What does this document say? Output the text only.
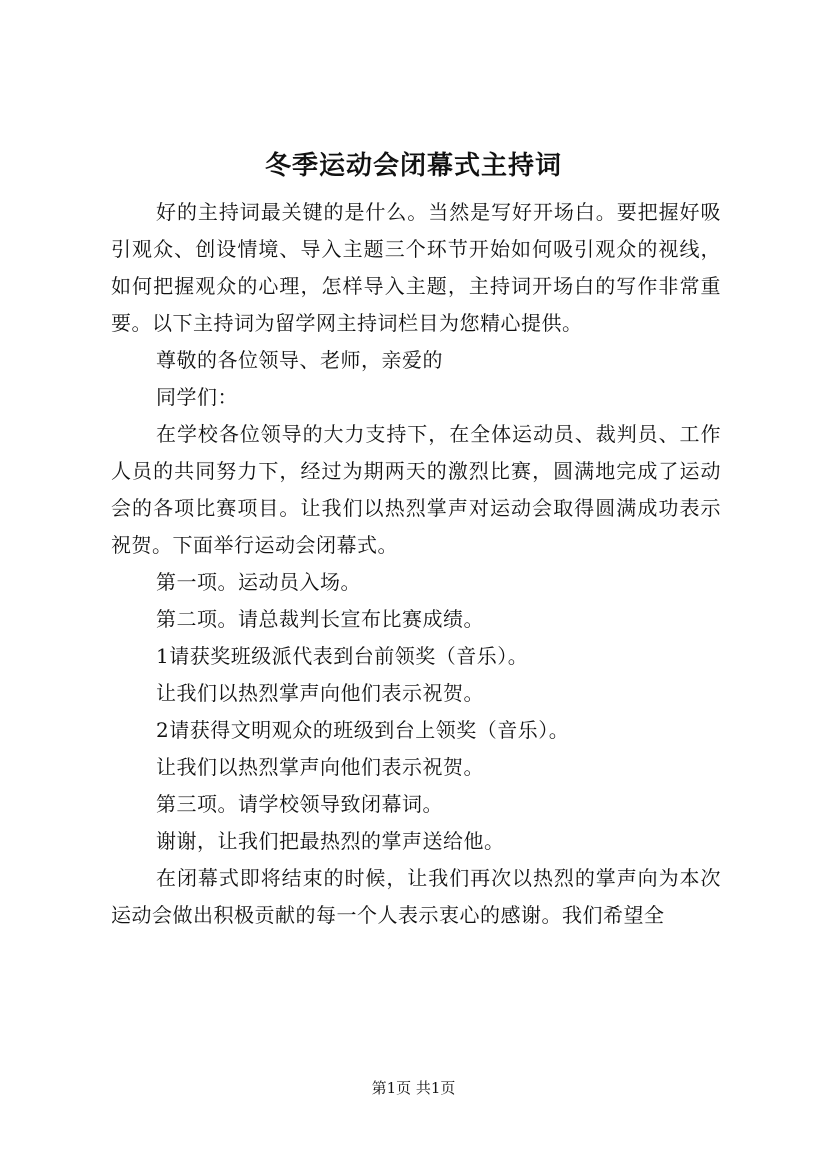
冬季运动会闭幕式主持词

好的主持词最关键的是什么。当然是写好开场白。要把握好吸引观众、创设情境、导入主题三个环节开始如何吸引观众的视线，如何把握观众的心理，怎样导入主题，主持词开场白的写作非常重要。以下主持词为留学网主持词栏目为您精心提供。

尊敬的各位领导、老师，亲爱的

同学们：

在学校各位领导的大力支持下，在全体运动员、裁判员、工作人员的共同努力下，经过为期两天的激烈比赛，圆满地完成了运动会的各项比赛项目。让我们以热烈掌声对运动会取得圆满成功表示祝贺。下面举行运动会闭幕式。

第一项。运动员入场。

第二项。请总裁判长宣布比赛成绩。

1请获奖班级派代表到台前领奖（音乐）。

让我们以热烈掌声向他们表示祝贺。

2请获得文明观众的班级到台上领奖（音乐）。

让我们以热烈掌声向他们表示祝贺。

第三项。请学校领导致闭幕词。

谢谢，让我们把最热烈的掌声送给他。

在闭幕式即将结束的时候，让我们再次以热烈的掌声向为本次运动会做出积极贡献的每一个人表示衷心的感谢。我们希望全

第1页 共1页
